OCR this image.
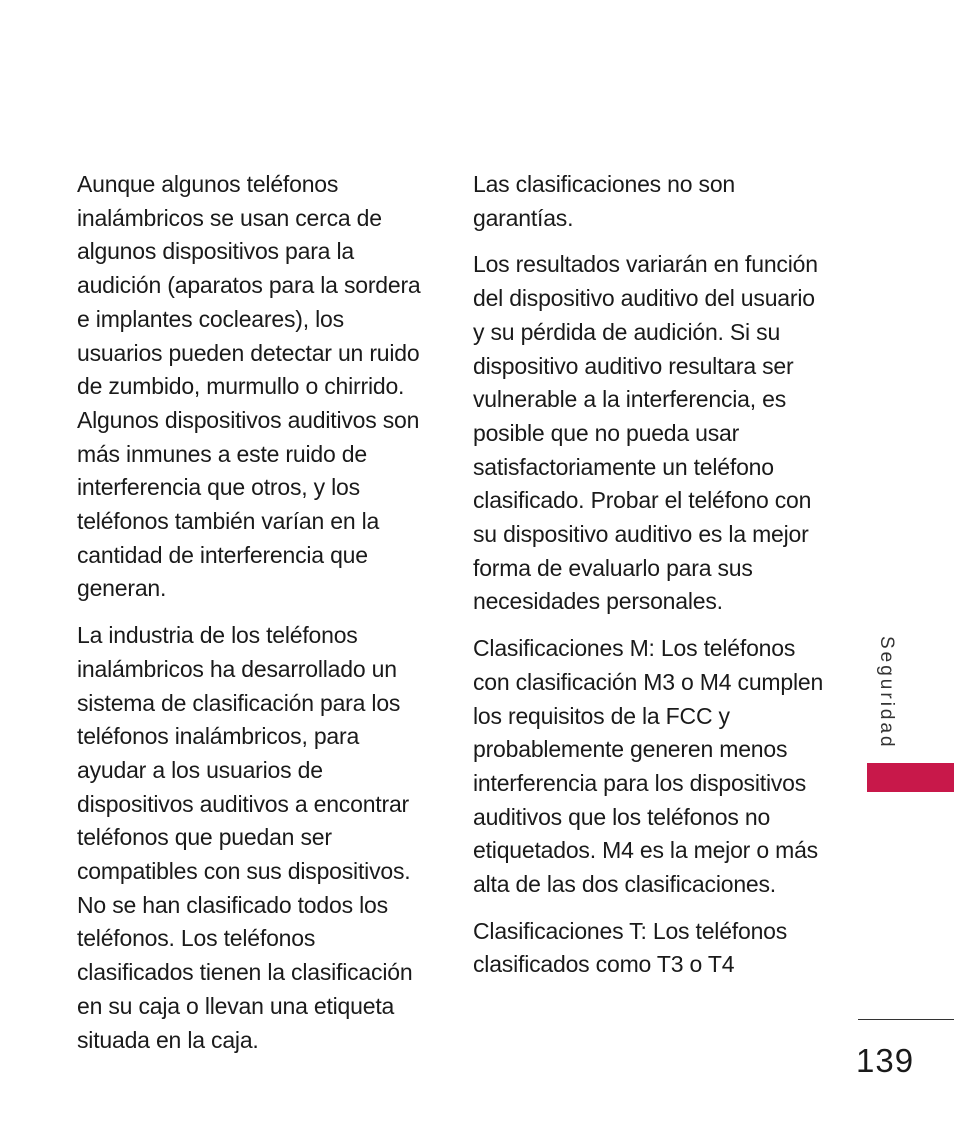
Aunque algunos teléfonos inalámbricos se usan cerca de algunos dispositivos para la audición (aparatos para la sordera e implantes cocleares), los usuarios pueden detectar un ruido de zumbido, murmullo o chirrido. Algunos dispositivos auditivos son más inmunes a este ruido de interferencia que otros, y los teléfonos también varían en la cantidad de interferencia que generan.

La industria de los teléfonos inalámbricos ha desarrollado un sistema de clasificación para los teléfonos inalámbricos, para ayudar a los usuarios de dispositivos auditivos a encontrar teléfonos que puedan ser compatibles con sus dispositivos. No se han clasificado todos los teléfonos. Los teléfonos clasificados tienen la clasificación en su caja o llevan una etiqueta situada en la caja.

Las clasificaciones no son garantías.

Los resultados variarán en función del dispositivo auditivo del usuario y su pérdida de audición. Si su dispositivo auditivo resultara ser vulnerable a la interferencia, es posible que no pueda usar satisfactoriamente un teléfono clasificado. Probar el teléfono con su dispositivo auditivo es la mejor forma de evaluarlo para sus necesidades personales.

Clasificaciones M: Los teléfonos con clasificación M3 o M4 cumplen los requisitos de la FCC y probablemente generen menos interferencia para los dispositivos auditivos que los teléfonos no etiquetados. M4 es la mejor o más alta de las dos clasificaciones.

Clasificaciones T: Los teléfonos clasificados como T3 o T4

Seguridad
139
